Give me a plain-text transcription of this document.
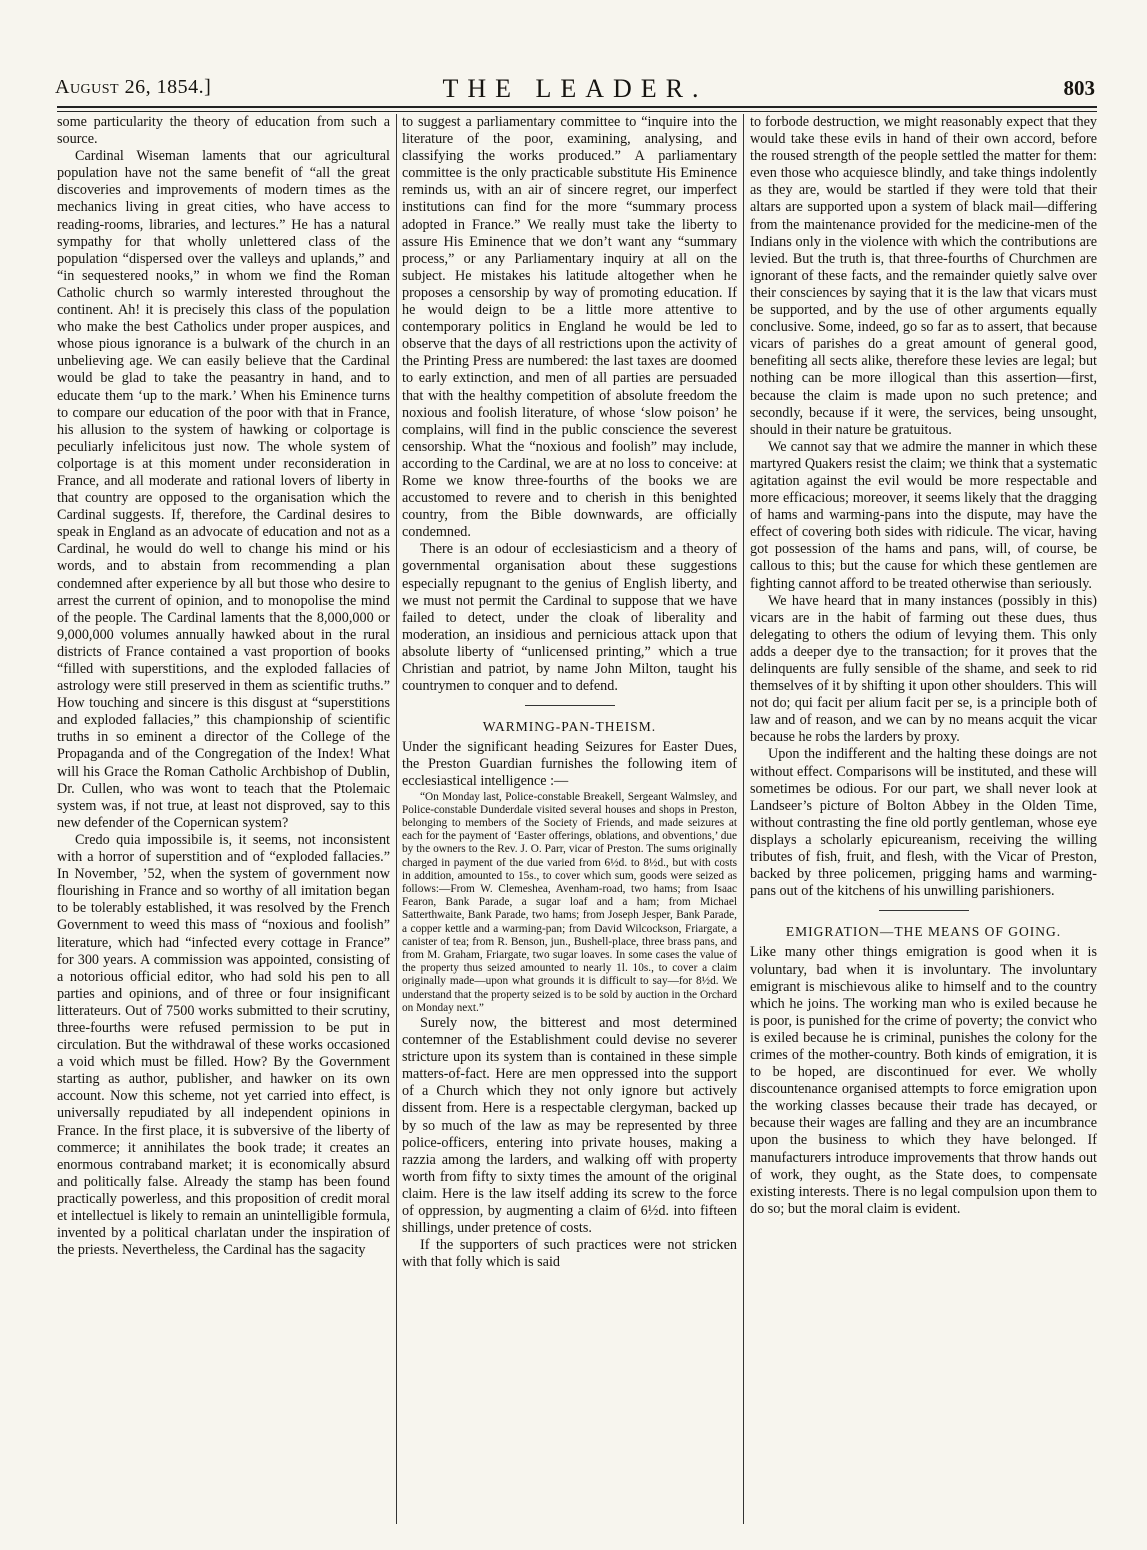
August 26, 1854.]	THE LEADER.	803

some particularity the theory of education from such a source.

Cardinal Wiseman laments that our agricultural population have not the same benefit of “all the great discoveries and improvements of modern times as the mechanics living in great cities, who have access to reading-rooms, libraries, and lectures.” He has a natural sympathy for that wholly unlettered class of the population “dispersed over the valleys and uplands,” and “in sequestered nooks,” in whom we find the Roman Catholic church so warmly interested throughout the continent. Ah! it is precisely this class of the population who make the best Catholics under proper auspices, and whose pious ignorance is a bulwark of the church in an unbelieving age. We can easily believe that the Cardinal would be glad to take the peasantry in hand, and to educate them ‘up to the mark.’ When his Eminence turns to compare our education of the poor with that in France, his allusion to the system of hawking or colportage is peculiarly infelicitous just now. The whole system of colportage is at this moment under reconsideration in France, and all moderate and rational lovers of liberty in that country are opposed to the organisation which the Cardinal suggests. If, therefore, the Cardinal desires to speak in England as an advocate of education and not as a Cardinal, he would do well to change his mind or his words, and to abstain from recommending a plan condemned after experience by all but those who desire to arrest the current of opinion, and to monopolise the mind of the people. The Cardinal laments that the 8,000,000 or 9,000,000 volumes annually hawked about in the rural districts of France contained a vast proportion of books “filled with superstitions, and the exploded fallacies of astrology were still preserved in them as scientific truths.” How touching and sincere is this disgust at “superstitions and exploded fallacies,” this championship of scientific truths in so eminent a director of the College of the Propaganda and of the Congregation of the Index! What will his Grace the Roman Catholic Archbishop of Dublin, Dr. Cullen, who was wont to teach that the Ptolemaic system was, if not true, at least not disproved, say to this new defender of the Copernican system?

Credo quia impossibile is, it seems, not inconsistent with a horror of superstition and of “exploded fallacies.” In November, ’52, when the system of government now flourishing in France and so worthy of all imitation began to be tolerably established, it was resolved by the French Government to weed this mass of “noxious and foolish” literature, which had “infected every cottage in France” for 300 years. A commission was appointed, consisting of a notorious official editor, who had sold his pen to all parties and opinions, and of three or four insignificant litterateurs. Out of 7500 works submitted to their scrutiny, three-fourths were refused permission to be put in circulation. But the withdrawal of these works occasioned a void which must be filled. How? By the Government starting as author, publisher, and hawker on its own account. Now this scheme, not yet carried into effect, is universally repudiated by all independent opinions in France. In the first place, it is subversive of the liberty of commerce; it annihilates the book trade; it creates an enormous contraband market; it is economically absurd and politically false. Already the stamp has been found practically powerless, and this proposition of credit moral et intellectuel is likely to remain an unintelligible formula, invented by a political charlatan under the inspiration of the priests. Nevertheless, the Cardinal has the sagacity

to suggest a parliamentary committee to “inquire into the literature of the poor, examining, analysing, and classifying the works produced.” A parliamentary committee is the only practicable substitute His Eminence reminds us, with an air of sincere regret, our imperfect institutions can find for the more “summary process adopted in France.” We really must take the liberty to assure His Eminence that we don’t want any “summary process,” or any Parliamentary inquiry at all on the subject. He mistakes his latitude altogether when he proposes a censorship by way of promoting education. If he would deign to be a little more attentive to contemporary politics in England he would be led to observe that the days of all restrictions upon the activity of the Printing Press are numbered: the last taxes are doomed to early extinction, and men of all parties are persuaded that with the healthy competition of absolute freedom the noxious and foolish literature, of whose ‘slow poison’ he complains, will find in the public conscience the severest censorship. What the “noxious and foolish” may include, according to the Cardinal, we are at no loss to conceive: at Rome we know three-fourths of the books we are accustomed to revere and to cherish in this benighted country, from the Bible downwards, are officially condemned.

There is an odour of ecclesiasticism and a theory of governmental organisation about these suggestions especially repugnant to the genius of English liberty, and we must not permit the Cardinal to suppose that we have failed to detect, under the cloak of liberality and moderation, an insidious and pernicious attack upon that absolute liberty of “unlicensed printing,” which a true Christian and patriot, by name John Milton, taught his countrymen to conquer and to defend.

WARMING-PAN-THEISM.

Under the significant heading Seizures for Easter Dues, the Preston Guardian furnishes the following item of ecclesiastical intelligence :—

“On Monday last, Police-constable Breakell, Sergeant Walmsley, and Police-constable Dunderdale visited several houses and shops in Preston, belonging to members of the Society of Friends, and made seizures at each for the payment of ‘Easter offerings, oblations, and obventions,’ due by the owners to the Rev. J. O. Parr, vicar of Preston. The sums originally charged in payment of the due varied from 6½d. to 8½d., but with costs in addition, amounted to 15s., to cover which sum, goods were seized as follows:—From W. Clemeshea, Avenham-road, two hams; from Isaac Fearon, Bank Parade, a sugar loaf and a ham; from Michael Satterthwaite, Bank Parade, two hams; from Joseph Jesper, Bank Parade, a copper kettle and a warming-pan; from David Wilcockson, Friargate, a canister of tea; from R. Benson, jun., Bushell-place, three brass pans, and from M. Graham, Friargate, two sugar loaves. In some cases the value of the property thus seized amounted to nearly 1l. 10s., to cover a claim originally made—upon what grounds it is difficult to say—for 8½d. We understand that the property seized is to be sold by auction in the Orchard on Monday next.”

Surely now, the bitterest and most determined contemner of the Establishment could devise no severer stricture upon its system than is contained in these simple matters-of-fact. Here are men oppressed into the support of a Church which they not only ignore but actively dissent from. Here is a respectable clergyman, backed up by so much of the law as may be represented by three police-officers, entering into private houses, making a razzia among the larders, and walking off with property worth from fifty to sixty times the amount of the original claim. Here is the law itself adding its screw to the force of oppression, by augmenting a claim of 6½d. into fifteen shillings, under pretence of costs.

If the supporters of such practices were not stricken with that folly which is said

to forbode destruction, we might reasonably expect that they would take these evils in hand of their own accord, before the roused strength of the people settled the matter for them: even those who acquiesce blindly, and take things indolently as they are, would be startled if they were told that their altars are supported upon a system of black mail—differing from the maintenance provided for the medicine-men of the Indians only in the violence with which the contributions are levied. But the truth is, that three-fourths of Churchmen are ignorant of these facts, and the remainder quietly salve over their consciences by saying that it is the law that vicars must be supported, and by the use of other arguments equally conclusive. Some, indeed, go so far as to assert, that because vicars of parishes do a great amount of general good, benefiting all sects alike, therefore these levies are legal; but nothing can be more illogical than this assertion—first, because the claim is made upon no such pretence; and secondly, because if it were, the services, being unsought, should in their nature be gratuitous.

We cannot say that we admire the manner in which these martyred Quakers resist the claim; we think that a systematic agitation against the evil would be more respectable and more efficacious; moreover, it seems likely that the dragging of hams and warming-pans into the dispute, may have the effect of covering both sides with ridicule. The vicar, having got possession of the hams and pans, will, of course, be callous to this; but the cause for which these gentlemen are fighting cannot afford to be treated otherwise than seriously.

We have heard that in many instances (possibly in this) vicars are in the habit of farming out these dues, thus delegating to others the odium of levying them. This only adds a deeper dye to the transaction; for it proves that the delinquents are fully sensible of the shame, and seek to rid themselves of it by shifting it upon other shoulders. This will not do; qui facit per alium facit per se, is a principle both of law and of reason, and we can by no means acquit the vicar because he robs the larders by proxy.

Upon the indifferent and the halting these doings are not without effect. Comparisons will be instituted, and these will sometimes be odious. For our part, we shall never look at Landseer’s picture of Bolton Abbey in the Olden Time, without contrasting the fine old portly gentleman, whose eye displays a scholarly epicureanism, receiving the willing tributes of fish, fruit, and flesh, with the Vicar of Preston, backed by three policemen, prigging hams and warming-pans out of the kitchens of his unwilling parishioners.

EMIGRATION—THE MEANS OF GOING.

Like many other things emigration is good when it is voluntary, bad when it is involuntary. The involuntary emigrant is mischievous alike to himself and to the country which he joins. The working man who is exiled because he is poor, is punished for the crime of poverty; the convict who is exiled because he is criminal, punishes the colony for the crimes of the mother-country. Both kinds of emigration, it is to be hoped, are discontinued for ever. We wholly discountenance organised attempts to force emigration upon the working classes because their trade has decayed, or because their wages are falling and they are an incumbrance upon the business to which they have belonged. If manufacturers introduce improvements that throw hands out of work, they ought, as the State does, to compensate existing interests. There is no legal compulsion upon them to do so; but the moral claim is evident.
